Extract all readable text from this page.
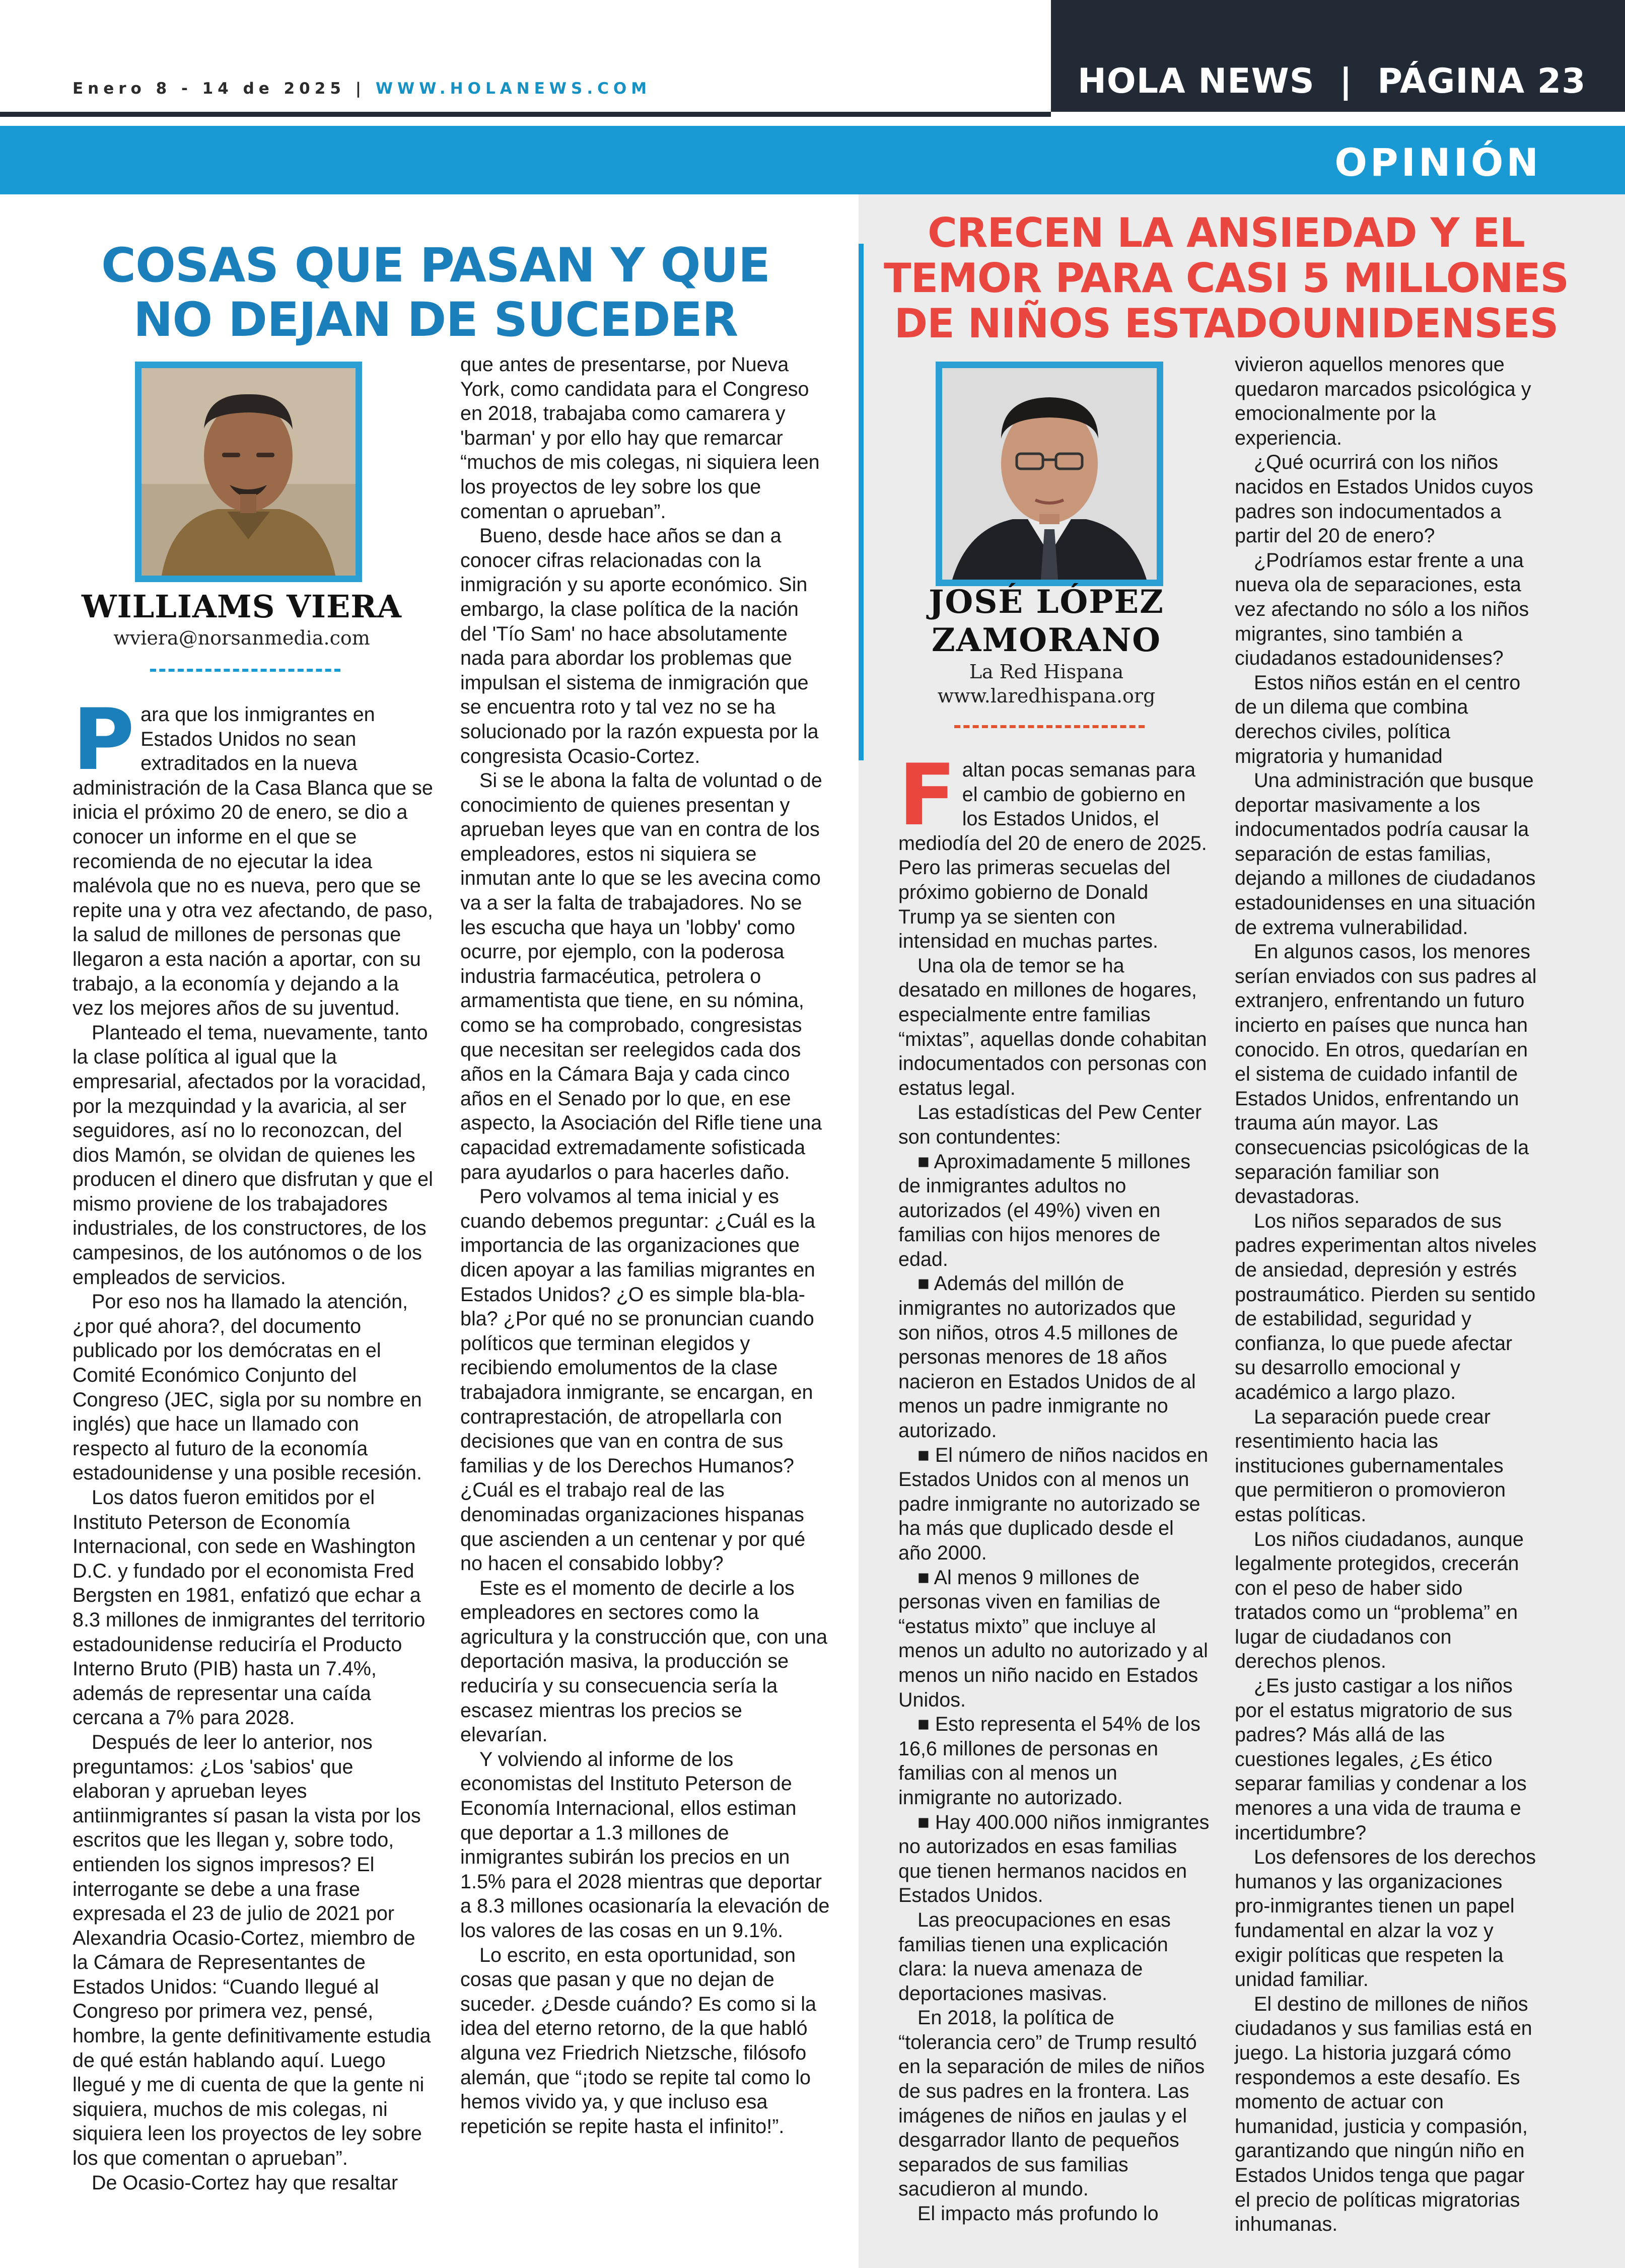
Enero 8 - 14 de 2025 | WWW.HOLANEWS.COM	HOLA NEWS  |  PÁGINA 23
OPINIÓN
COSAS QUE PASAN Y QUE NO DEJAN DE SUCEDER
WILLIAMS VIERA
wviera@norsanmedia.com

Para que los inmigrantes en Estados Unidos no sean extraditados en la nueva administración de la Casa Blanca que se inicia el próximo 20 de enero, se dio a conocer un informe en el que se recomienda de no ejecutar la idea malévola que no es nueva, pero que se repite una y otra vez afectando, de paso, la salud de millones de personas que llegaron a esta nación a aportar, con su trabajo, a la economía y dejando a la vez los mejores años de su juventud.

Planteado el tema, nuevamente, tanto la clase política al igual que la empresarial, afectados por la voracidad, por la mezquindad y la avaricia, al ser seguidores, así no lo reconozcan, del dios Mamón, se olvidan de quienes les producen el dinero que disfrutan y que el mismo proviene de los trabajadores industriales, de los constructores, de los campesinos, de los autónomos o de los empleados de servicios.

Por eso nos ha llamado la atención, ¿por qué ahora?, del documento publicado por los demócratas en el Comité Económico Conjunto del Congreso (JEC, sigla por su nombre en inglés) que hace un llamado con respecto al futuro de la economía estadounidense y una posible recesión.

Los datos fueron emitidos por el Instituto Peterson de Economía Internacional, con sede en Washington D.C. y fundado por el economista Fred Bergsten en 1981, enfatizó que echar a 8.3 millones de inmigrantes del territorio estadounidense reduciría el Producto Interno Bruto (PIB) hasta un 7.4%, además de representar una caída cercana a 7% para 2028.

Después de leer lo anterior, nos preguntamos: ¿Los 'sabios' que elaboran y aprueban leyes antiinmigrantes sí pasan la vista por los escritos que les llegan y, sobre todo, entienden los signos impresos? El interrogante se debe a una frase expresada el 23 de julio de 2021 por Alexandria Ocasio-Cortez, miembro de la Cámara de Representantes de Estados Unidos: “Cuando llegué al Congreso por primera vez, pensé, hombre, la gente definitivamente estudia de qué están hablando aquí. Luego llegué y me di cuenta de que la gente ni siquiera, muchos de mis colegas, ni siquiera leen los proyectos de ley sobre los que comentan o aprueban”.

De Ocasio-Cortez hay que resaltar

que antes de presentarse, por Nueva York, como candidata para el Congreso en 2018, trabajaba como camarera y 'barman' y por ello hay que remarcar “muchos de mis colegas, ni siquiera leen los proyectos de ley sobre los que comentan o aprueban”.

Bueno, desde hace años se dan a conocer cifras relacionadas con la inmigración y su aporte económico. Sin embargo, la clase política de la nación del 'Tío Sam' no hace absolutamente nada para abordar los problemas que impulsan el sistema de inmigración que se encuentra roto y tal vez no se ha solucionado por la razón expuesta por la congresista Ocasio-Cortez.

Si se le abona la falta de voluntad o de conocimiento de quienes presentan y aprueban leyes que van en contra de los empleadores, estos ni siquiera se inmutan ante lo que se les avecina como va a ser la falta de trabajadores. No se les escucha que haya un 'lobby' como ocurre, por ejemplo, con la poderosa industria farmacéutica, petrolera o armamentista que tiene, en su nómina, como se ha comprobado, congresistas que necesitan ser reelegidos cada dos años en la Cámara Baja y cada cinco años en el Senado por lo que, en ese aspecto, la Asociación del Rifle tiene una capacidad extremadamente sofisticada para ayudarlos o para hacerles daño.

Pero volvamos al tema inicial y es cuando debemos preguntar: ¿Cuál es la importancia de las organizaciones que dicen apoyar a las familias migrantes en Estados Unidos? ¿O es simple bla-bla-bla? ¿Por qué no se pronuncian cuando políticos que terminan elegidos y recibiendo emolumentos de la clase trabajadora inmigrante, se encargan, en contraprestación, de atropellarla con decisiones que van en contra de sus familias y de los Derechos Humanos? ¿Cuál es el trabajo real de las denominadas organizaciones hispanas que ascienden a un centenar y por qué no hacen el consabido lobby?

Este es el momento de decirle a los empleadores en sectores como la agricultura y la construcción que, con una deportación masiva, la producción se reduciría y su consecuencia sería la escasez mientras los precios se elevarían.

Y volviendo al informe de los economistas del Instituto Peterson de Economía Internacional, ellos estiman que deportar a 1.3 millones de inmigrantes subirán los precios en un 1.5% para el 2028 mientras que deportar a 8.3 millones ocasionaría la elevación de los valores de las cosas en un 9.1%.

Lo escrito, en esta oportunidad, son cosas que pasan y que no dejan de suceder. ¿Desde cuándo? Es como si la idea del eterno retorno, de la que habló alguna vez Friedrich Nietzsche, filósofo alemán, que “¡todo se repite tal como lo hemos vivido ya, y que incluso esa repetición se repite hasta el infinito!”.

CRECEN LA ANSIEDAD Y EL TEMOR PARA CASI 5 MILLONES DE NIÑOS ESTADOUNIDENSES
JOSÉ LÓPEZ
ZAMORANO
La Red Hispana
www.laredhispana.org

Faltan pocas semanas para el cambio de gobierno en los Estados Unidos, el mediodía del 20 de enero de 2025. Pero las primeras secuelas del próximo gobierno de Donald Trump ya se sienten con intensidad en muchas partes.

Una ola de temor se ha desatado en millones de hogares, especialmente entre familias “mixtas”, aquellas donde cohabitan indocumentados con personas con estatus legal.

Las estadísticas del Pew Center son contundentes:

■ Aproximadamente 5 millones de inmigrantes adultos no autorizados (el 49%) viven en familias con hijos menores de edad.

■ Además del millón de inmigrantes no autorizados que son niños, otros 4.5 millones de personas menores de 18 años nacieron en Estados Unidos de al menos un padre inmigrante no autorizado.

■ El número de niños nacidos en Estados Unidos con al menos un padre inmigrante no autorizado se ha más que duplicado desde el año 2000.

■ Al menos 9 millones de personas viven en familias de “estatus mixto” que incluye al menos un adulto no autorizado y al menos un niño nacido en Estados Unidos.

■ Esto representa el 54% de los 16,6 millones de personas en familias con al menos un inmigrante no autorizado.

■ Hay 400.000 niños inmigrantes no autorizados en esas familias que tienen hermanos nacidos en Estados Unidos.

Las preocupaciones en esas familias tienen una explicación clara: la nueva amenaza de deportaciones masivas.

En 2018, la política de “tolerancia cero” de Trump resultó en la separación de miles de niños de sus padres en la frontera. Las imágenes de niños en jaulas y el desgarrador llanto de pequeños separados de sus familias sacudieron al mundo.

El impacto más profundo lo

vivieron aquellos menores que quedaron marcados psicológica y emocionalmente por la experiencia.

¿Qué ocurrirá con los niños nacidos en Estados Unidos cuyos padres son indocumentados a partir del 20 de enero?

¿Podríamos estar frente a una nueva ola de separaciones, esta vez afectando no sólo a los niños migrantes, sino también a ciudadanos estadounidenses?

Estos niños están en el centro de un dilema que combina derechos civiles, política migratoria y humanidad

Una administración que busque deportar masivamente a los indocumentados podría causar la separación de estas familias, dejando a millones de ciudadanos estadounidenses en una situación de extrema vulnerabilidad.

En algunos casos, los menores serían enviados con sus padres al extranjero, enfrentando un futuro incierto en países que nunca han conocido. En otros, quedarían en el sistema de cuidado infantil de Estados Unidos, enfrentando un trauma aún mayor. Las consecuencias psicológicas de la separación familiar son devastadoras.

Los niños separados de sus padres experimentan altos niveles de ansiedad, depresión y estrés postraumático. Pierden su sentido de estabilidad, seguridad y confianza, lo que puede afectar su desarrollo emocional y académico a largo plazo.

La separación puede crear resentimiento hacia las instituciones gubernamentales que permitieron o promovieron estas políticas.

Los niños ciudadanos, aunque legalmente protegidos, crecerán con el peso de haber sido tratados como un “problema” en lugar de ciudadanos con derechos plenos.

¿Es justo castigar a los niños por el estatus migratorio de sus padres? Más allá de las cuestiones legales, ¿Es ético separar familias y condenar a los menores a una vida de trauma e incertidumbre?

Los defensores de los derechos humanos y las organizaciones pro-inmigrantes tienen un papel fundamental en alzar la voz y exigir políticas que respeten la unidad familiar.

El destino de millones de niños ciudadanos y sus familias está en juego. La historia juzgará cómo respondemos a este desafío. Es momento de actuar con humanidad, justicia y compasión, garantizando que ningún niño en Estados Unidos tenga que pagar el precio de políticas migratorias inhumanas.
